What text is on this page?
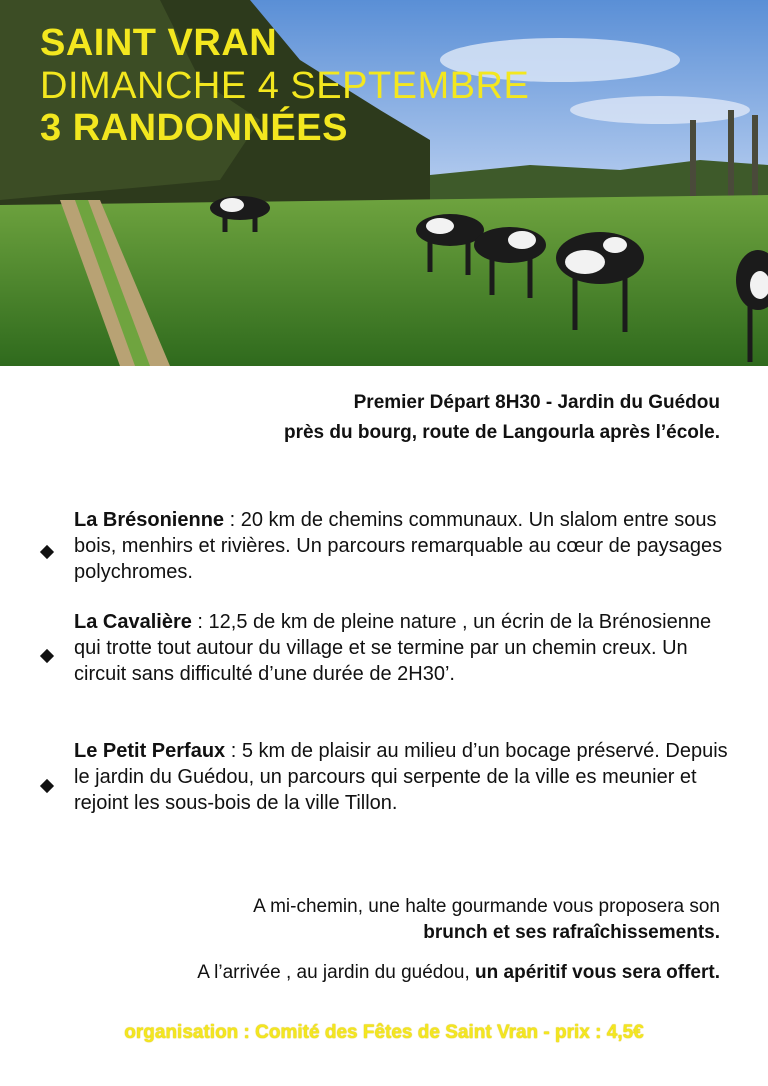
SAINT VRAN
DIMANCHE 4 SEPTEMBRE
3 RANDONNÉES
Premier Départ 8H30 - Jardin du Guédou
près du bourg, route de Langourla après l’école.
La Brésonienne : 20 km de chemins communaux. Un slalom entre sous bois, menhirs et rivières. Un parcours remarquable au cœur de paysages polychromes.
La Cavalière : 12,5 de km de pleine nature , un écrin de la Brénosienne qui trotte tout autour du village et se termine par un chemin creux. Un circuit sans difficulté d’une durée de 2H30’.
Le Petit Perfaux : 5 km de plaisir au milieu d’un bocage préservé. Depuis le jardin du Guédou, un parcours qui serpente de la ville es meunier et rejoint les sous-bois de la ville Tillon.
A mi-chemin, une halte gourmande vous proposera son
brunch et ses rafraîchissements.
A l’arrivée , au jardin du guédou, un apéritif vous sera offert.
organisation : Comité des Fêtes de Saint Vran - prix : 4,5€
